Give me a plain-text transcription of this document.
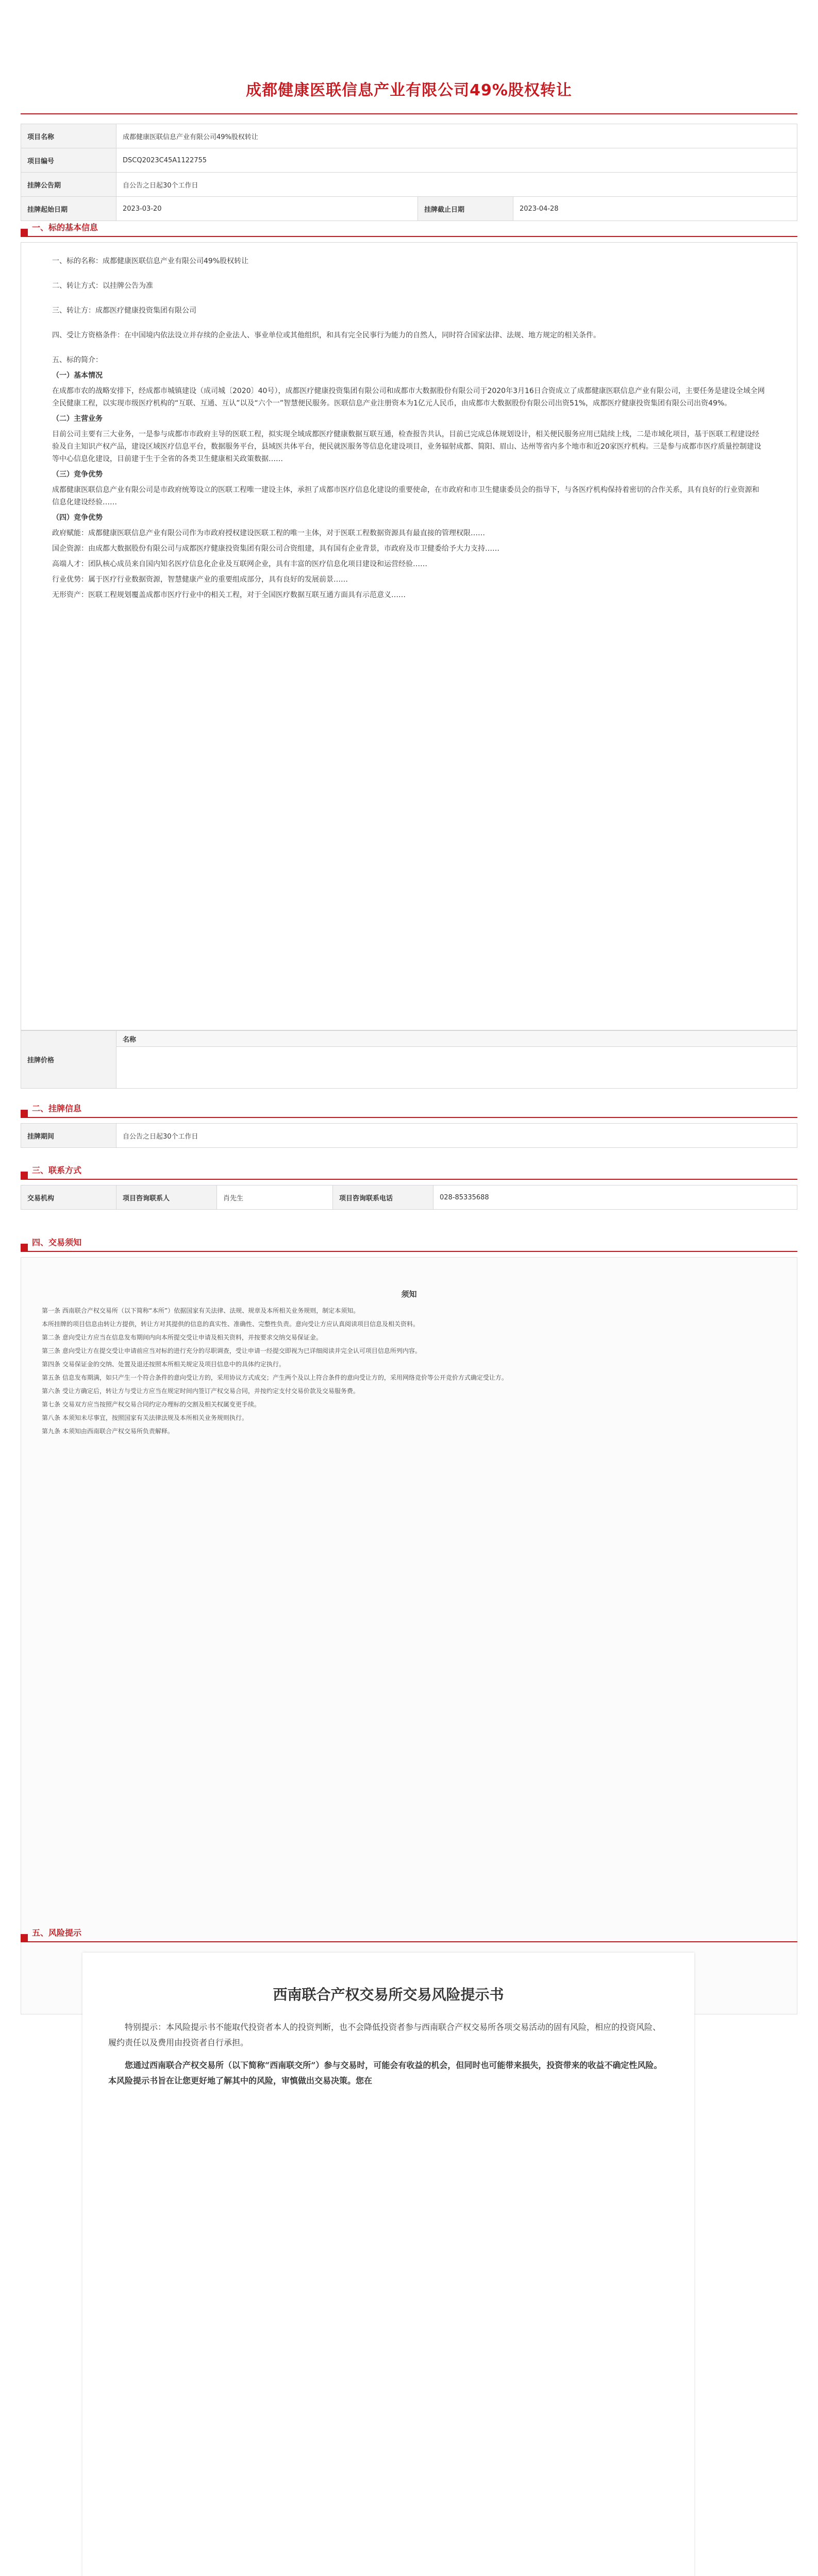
成都健康医联信息产业有限公司49%股权转让
项目名称	成都健康医联信息产业有限公司49%股权转让		
项目编号	DSCQ2023C45A1122755		
挂牌公告期	自公告之日起30个工作日		
挂牌起始日期	2023-03-20	挂牌截止日期	2023-04-28
一、标的基本信息

一、标的名称：成都健康医联信息产业有限公司49%股权转让

二、转让方式：以挂牌公告为准

三、转让方：成都医疗健康投资集团有限公司

四、受让方资格条件：在中国境内依法设立并存续的企业法人、事业单位或其他组织，和具有完全民事行为能力的自然人，同时符合国家法律、法规、地方规定的相关条件。

五、标的简介：

（一）基本情况

在成都市农的战略安排下，经成都市城镇建设（成司城〔2020〕40号），成都医疗健康投资集团有限公司和成都市大数据股份有限公司于2020年3月16日合资成立了成都健康医联信息产业有限公司，主要任务是建设全域全网全民健康工程，以实现市级医疗机构的“互联、互通、互认”以及“六个一”智慧便民服务。医联信息产业注册资本为1亿元人民币，由成都市大数据股份有限公司出资51%，成都医疗健康投资集团有限公司出资49%。

（二）主营业务

目前公司主要有三大业务，一是参与成都市市政府主导的医联工程，拟实现全域成都医疗健康数据互联互通，检查报告共认，目前已完成总体规划设计，相关便民服务应用已陆续上线，二是市域化项目，基于医联工程建设经验及自主知识产权产品，建设区域医疗信息平台，数据服务平台，县域医共体平台，便民就医服务等信息化建设项目，业务辐射成都、简阳、眉山、达州等省内多个地市和近20家医疗机构。三是参与成都市医疗质量控制建设等中心信息化建设，目前建于生于全省的各类卫生健康相关政策数据……

（三）竞争优势

成都健康医联信息产业有限公司是市政府统筹设立的医联工程唯一建设主体，承担了成都市医疗信息化建设的重要使命，在市政府和市卫生健康委员会的指导下，与各医疗机构保持着密切的合作关系，具有良好的行业资源和信息化建设经验……

（四）竞争优势

政府赋能：成都健康医联信息产业有限公司作为市政府授权建设医联工程的唯一主体，对于医联工程数据资源具有最直接的管理权限……

国企资源：由成都大数据股份有限公司与成都医疗健康投资集团有限公司合资组建，具有国有企业背景，市政府及市卫健委给予大力支持……

高端人才：团队核心成员来自国内知名医疗信息化企业及互联网企业，具有丰富的医疗信息化项目建设和运营经验……

行业优势：属于医疗行业数据资源，智慧健康产业的重要组成部分，具有良好的发展前景……

无形资产：医联工程规划覆盖成都市医疗行业中的相关工程，对于全国医疗数据互联互通方面具有示范意义……

挂牌价格	名称

二、挂牌信息
挂牌期间	自公告之日起30个工作日
三、联系方式
交易机构	项目咨询联系人	肖先生	项目咨询联系电话	028-85335688
四、交易须知
须知
第一条 西南联合产权交易所（以下简称“本所”）依据国家有关法律、法规、规章及本所相关业务规则，制定本须知。
本所挂牌的项目信息由转让方提供，转让方对其提供的信息的真实性、准确性、完整性负责。意向受让方应认真阅读项目信息及相关资料。
第二条 意向受让方应当在信息发布期间内向本所提交受让申请及相关资料，并按要求交纳交易保证金。
第三条 意向受让方在提交受让申请前应当对标的进行充分的尽职调查，受让申请一经提交即视为已详细阅读并完全认可项目信息所列内容。
第四条 交易保证金的交纳、处置及退还按照本所相关规定及项目信息中的具体约定执行。
第五条 信息发布期满，如只产生一个符合条件的意向受让方的，采用协议方式成交；产生两个及以上符合条件的意向受让方的，采用网络竞价等公开竞价方式确定受让方。
第六条 受让方确定后，转让方与受让方应当在规定时间内签订产权交易合同，并按约定支付交易价款及交易服务费。
第七条 交易双方应当按照产权交易合同约定办理标的交割及相关权属变更手续。
第八条 本须知未尽事宜，按照国家有关法律法规及本所相关业务规则执行。
第九条 本须知由西南联合产权交易所负责解释。
五、风险提示
西南联合产权交易所交易风险提示书

特别提示：本风险提示书不能取代投资者本人的投资判断，也不会降低投资者参与西南联合产权交易所各项交易活动的固有风险，相应的投资风险、履约责任以及费用由投资者自行承担。

您通过西南联合产权交易所（以下简称“西南联交所”）参与交易时，可能会有收益的机会，但同时也可能带来损失，投资带来的收益不确定性风险。本风险提示书旨在让您更好地了解其中的风险，审慎做出交易决策。您在
